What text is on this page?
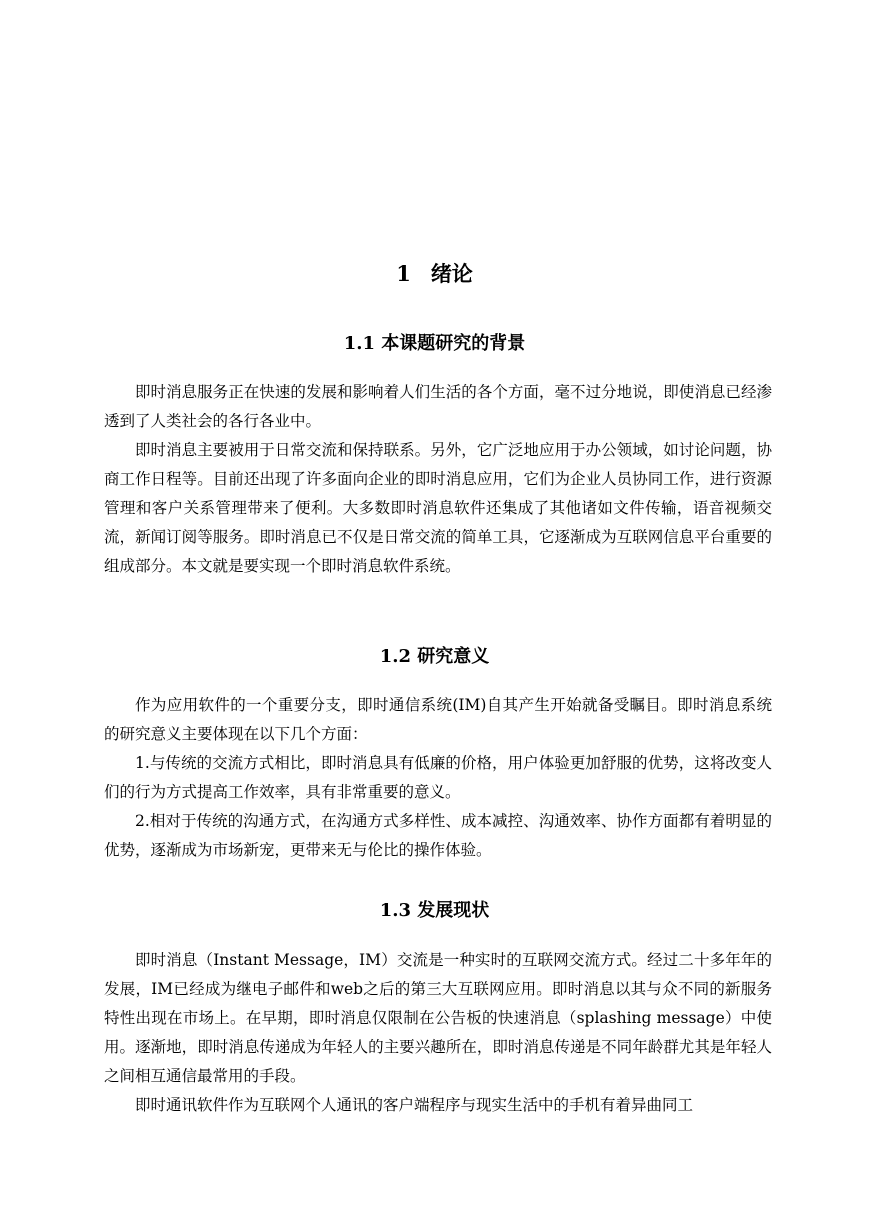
1 绪论
1.1 本课题研究的背景

即时消息服务正在快速的发展和影响着人们生活的各个方面，毫不过分地说，即使消息已经渗透到了人类社会的各行各业中。

即时消息主要被用于日常交流和保持联系。另外，它广泛地应用于办公领域，如讨论问题，协商工作日程等。目前还出现了许多面向企业的即时消息应用，它们为企业人员协同工作，进行资源管理和客户关系管理带来了便利。大多数即时消息软件还集成了其他诸如文件传输，语音视频交流，新闻订阅等服务。即时消息已不仅是日常交流的简单工具，它逐渐成为互联网信息平台重要的组成部分。本文就是要实现一个即时消息软件系统。

1.2 研究意义

作为应用软件的一个重要分支，即时通信系统(IM)自其产生开始就备受瞩目。即时消息系统的研究意义主要体现在以下几个方面：

1.与传统的交流方式相比，即时消息具有低廉的价格，用户体验更加舒服的优势，这将改变人们的行为方式提高工作效率，具有非常重要的意义。

2.相对于传统的沟通方式，在沟通方式多样性、成本减控、沟通效率、协作方面都有着明显的优势，逐渐成为市场新宠，更带来无与伦比的操作体验。

1.3 发展现状

即时消息（Instant Message，IM）交流是一种实时的互联网交流方式。经过二十多年年的发展，IM已经成为继电子邮件和web之后的第三大互联网应用。即时消息以其与众不同的新服务特性出现在市场上。在早期，即时消息仅限制在公告板的快速消息（splashing message）中使用。逐渐地，即时消息传递成为年轻人的主要兴趣所在，即时消息传递是不同年龄群尤其是年轻人之间相互通信最常用的手段。

即时通讯软件作为互联网个人通讯的客户端程序与现实生活中的手机有着异曲同工
